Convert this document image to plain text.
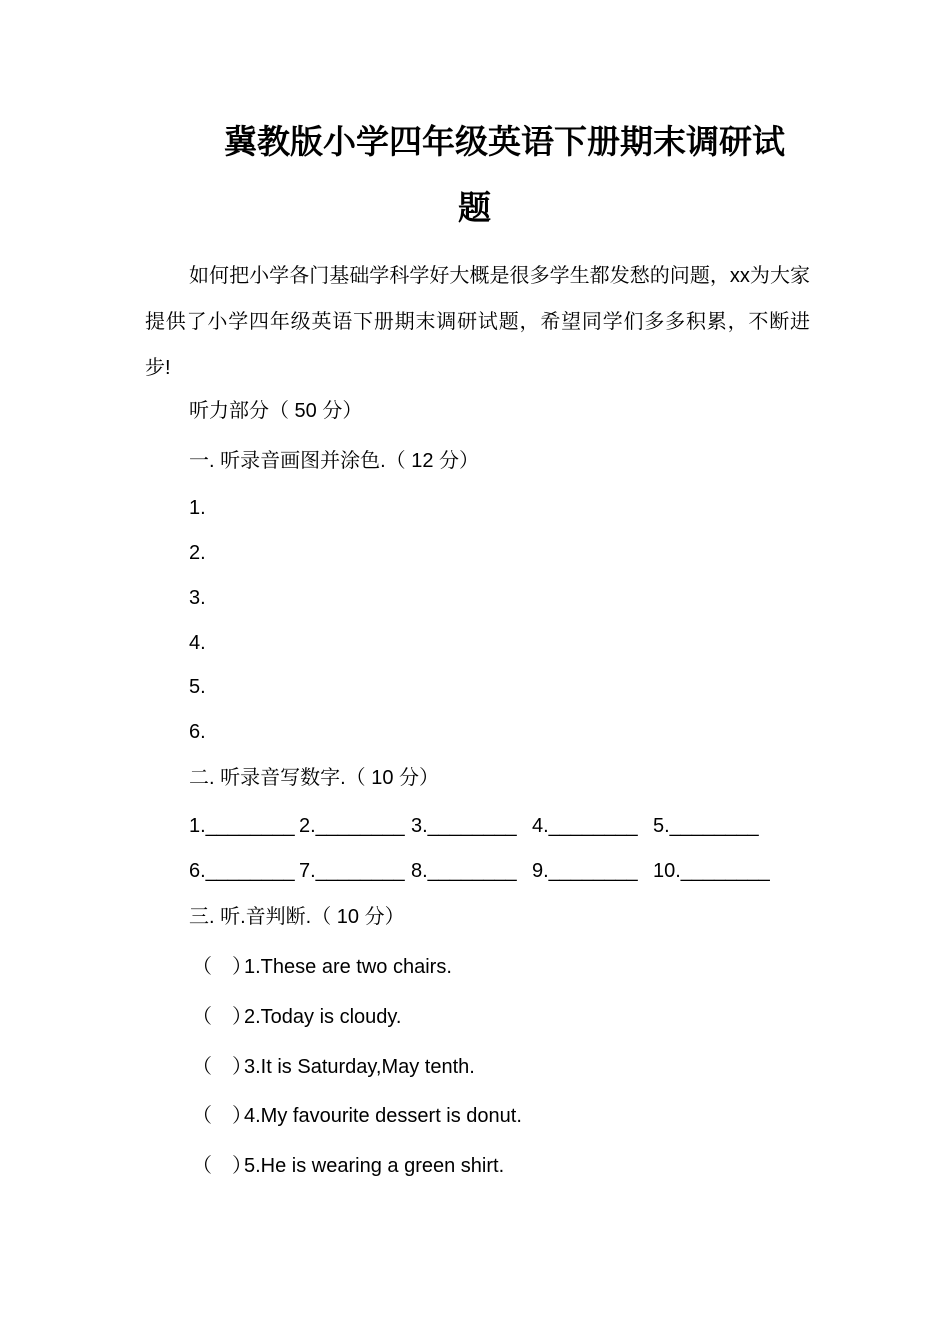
冀教版小学四年级英语下册期末调研试
题

如何把小学各门基础学科学好大概是很多学生都发愁的问题，xx为大家提供了小学四年级英语下册期末调研试题，希望同学们多多积累，不断进步!

听力部分（ 50 分）
一. 听录音画图并涂色.（ 12 分）
1.
2.
3.
4.
5.
6.
二. 听录音写数字.（ 10 分）
1.________ 2.________ 3.________ 4.________ 5.________
6.________ 7.________ 8.________ 9.________ 10.________
三. 听.音判断.（ 10 分）
（　）1.These are two chairs.
（　）2.Today is cloudy.
（　）3.It is Saturday,May tenth.
（　）4.My favourite dessert is donut.
（　）5.He is wearing a green shirt.
